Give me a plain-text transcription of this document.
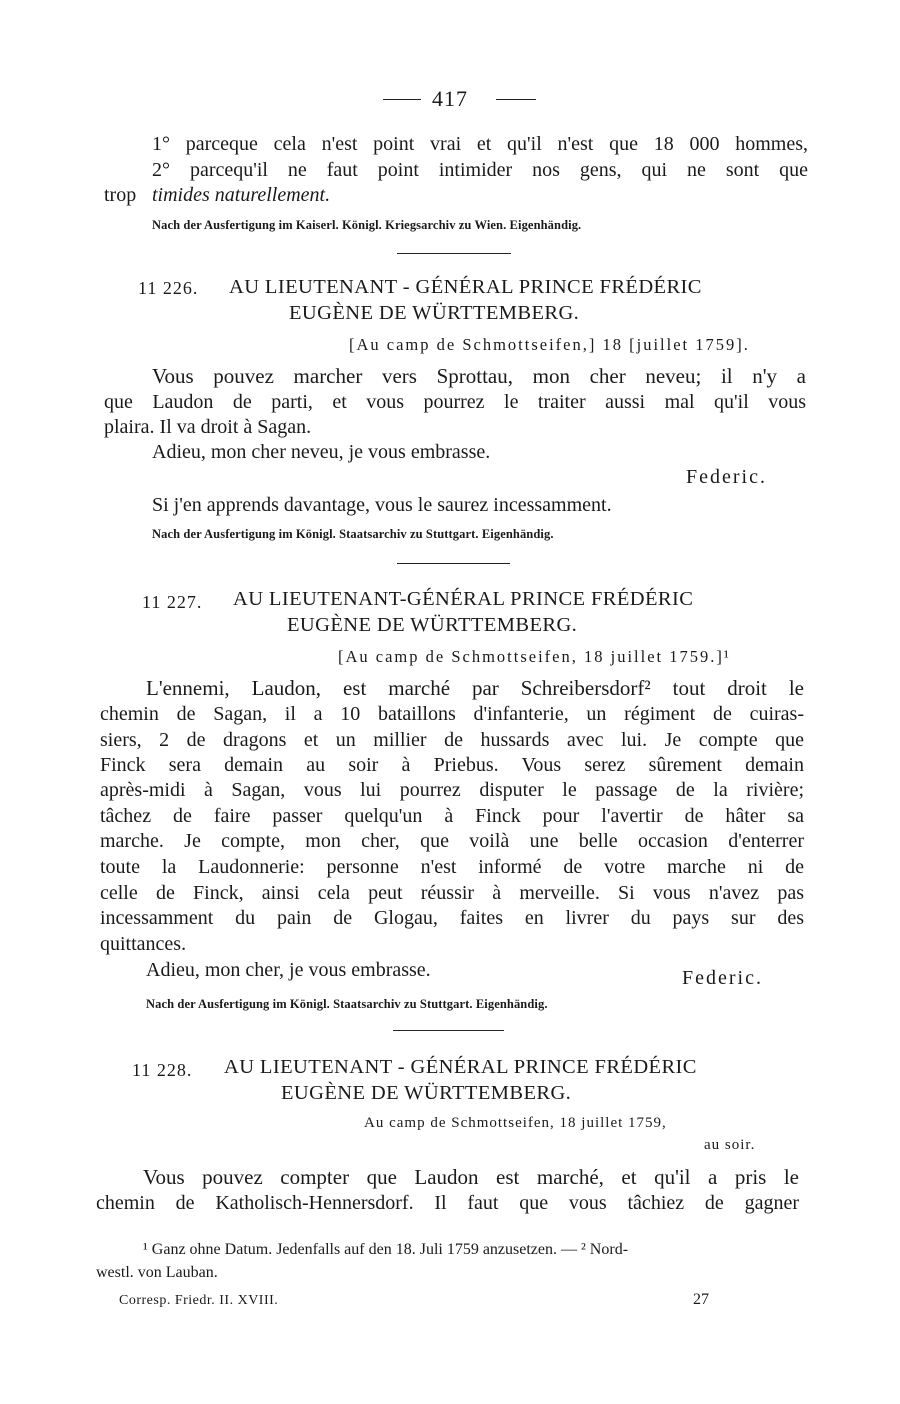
417
1° parceque cela n'est point vrai et qu'il n'est que 18 000 hommes,
2° parcequ'il ne faut point intimider nos gens, qui ne sont que
trop timides naturellement.
Nach der Ausfertigung im Kaiserl. Königl. Kriegsarchiv zu Wien. Eigenhändig.
11 226. AU LIEUTENANT - GÉNÉRAL PRINCE FRÉDÉRIC
EUGÈNE DE WÜRTTEMBERG.
[Au camp de Schmottseifen,] 18 [juillet 1759].
Vous pouvez marcher vers Sprottau, mon cher neveu; il n'y a
que Laudon de parti, et vous pourrez le traiter aussi mal qu'il vous
plaira. Il va droit à Sagan.
Adieu, mon cher neveu, je vous embrasse.
Federic.
Si j'en apprends davantage, vous le saurez incessamment.
Nach der Ausfertigung im Königl. Staatsarchiv zu Stuttgart. Eigenhändig.
11 227. AU LIEUTENANT-GÉNÉRAL PRINCE FRÉDÉRIC
EUGÈNE DE WÜRTTEMBERG.
[Au camp de Schmottseifen, 18 juillet 1759.]¹
L'ennemi, Laudon, est marché par Schreibersdorf² tout droit le
chemin de Sagan, il a 10 bataillons d'infanterie, un régiment de cuiras-
siers, 2 de dragons et un millier de hussards avec lui. Je compte que
Finck sera demain au soir à Priebus. Vous serez sûrement demain
après-midi à Sagan, vous lui pourrez disputer le passage de la rivière;
tâchez de faire passer quelqu'un à Finck pour l'avertir de hâter sa
marche. Je compte, mon cher, que voilà une belle occasion d'enterrer
toute la Laudonnerie: personne n'est informé de votre marche ni de
celle de Finck, ainsi cela peut réussir à merveille. Si vous n'avez pas
incessamment du pain de Glogau, faites en livrer du pays sur des
quittances.
Adieu, mon cher, je vous embrasse.	Federic.
Nach der Ausfertigung im Königl. Staatsarchiv zu Stuttgart. Eigenhändig.
11 228. AU LIEUTENANT - GÉNÉRAL PRINCE FRÉDÉRIC
EUGÈNE DE WÜRTTEMBERG.
Au camp de Schmottseifen, 18 juillet 1759,
au soir.
Vous pouvez compter que Laudon est marché, et qu'il a pris le
chemin de Katholisch-Hennersdorf. Il faut que vous tâchiez de gagner
¹ Ganz ohne Datum. Jedenfalls auf den 18. Juli 1759 anzusetzen. — ² Nord-
westl. von Lauban.
Corresp. Friedr. II. XVIII.	27
